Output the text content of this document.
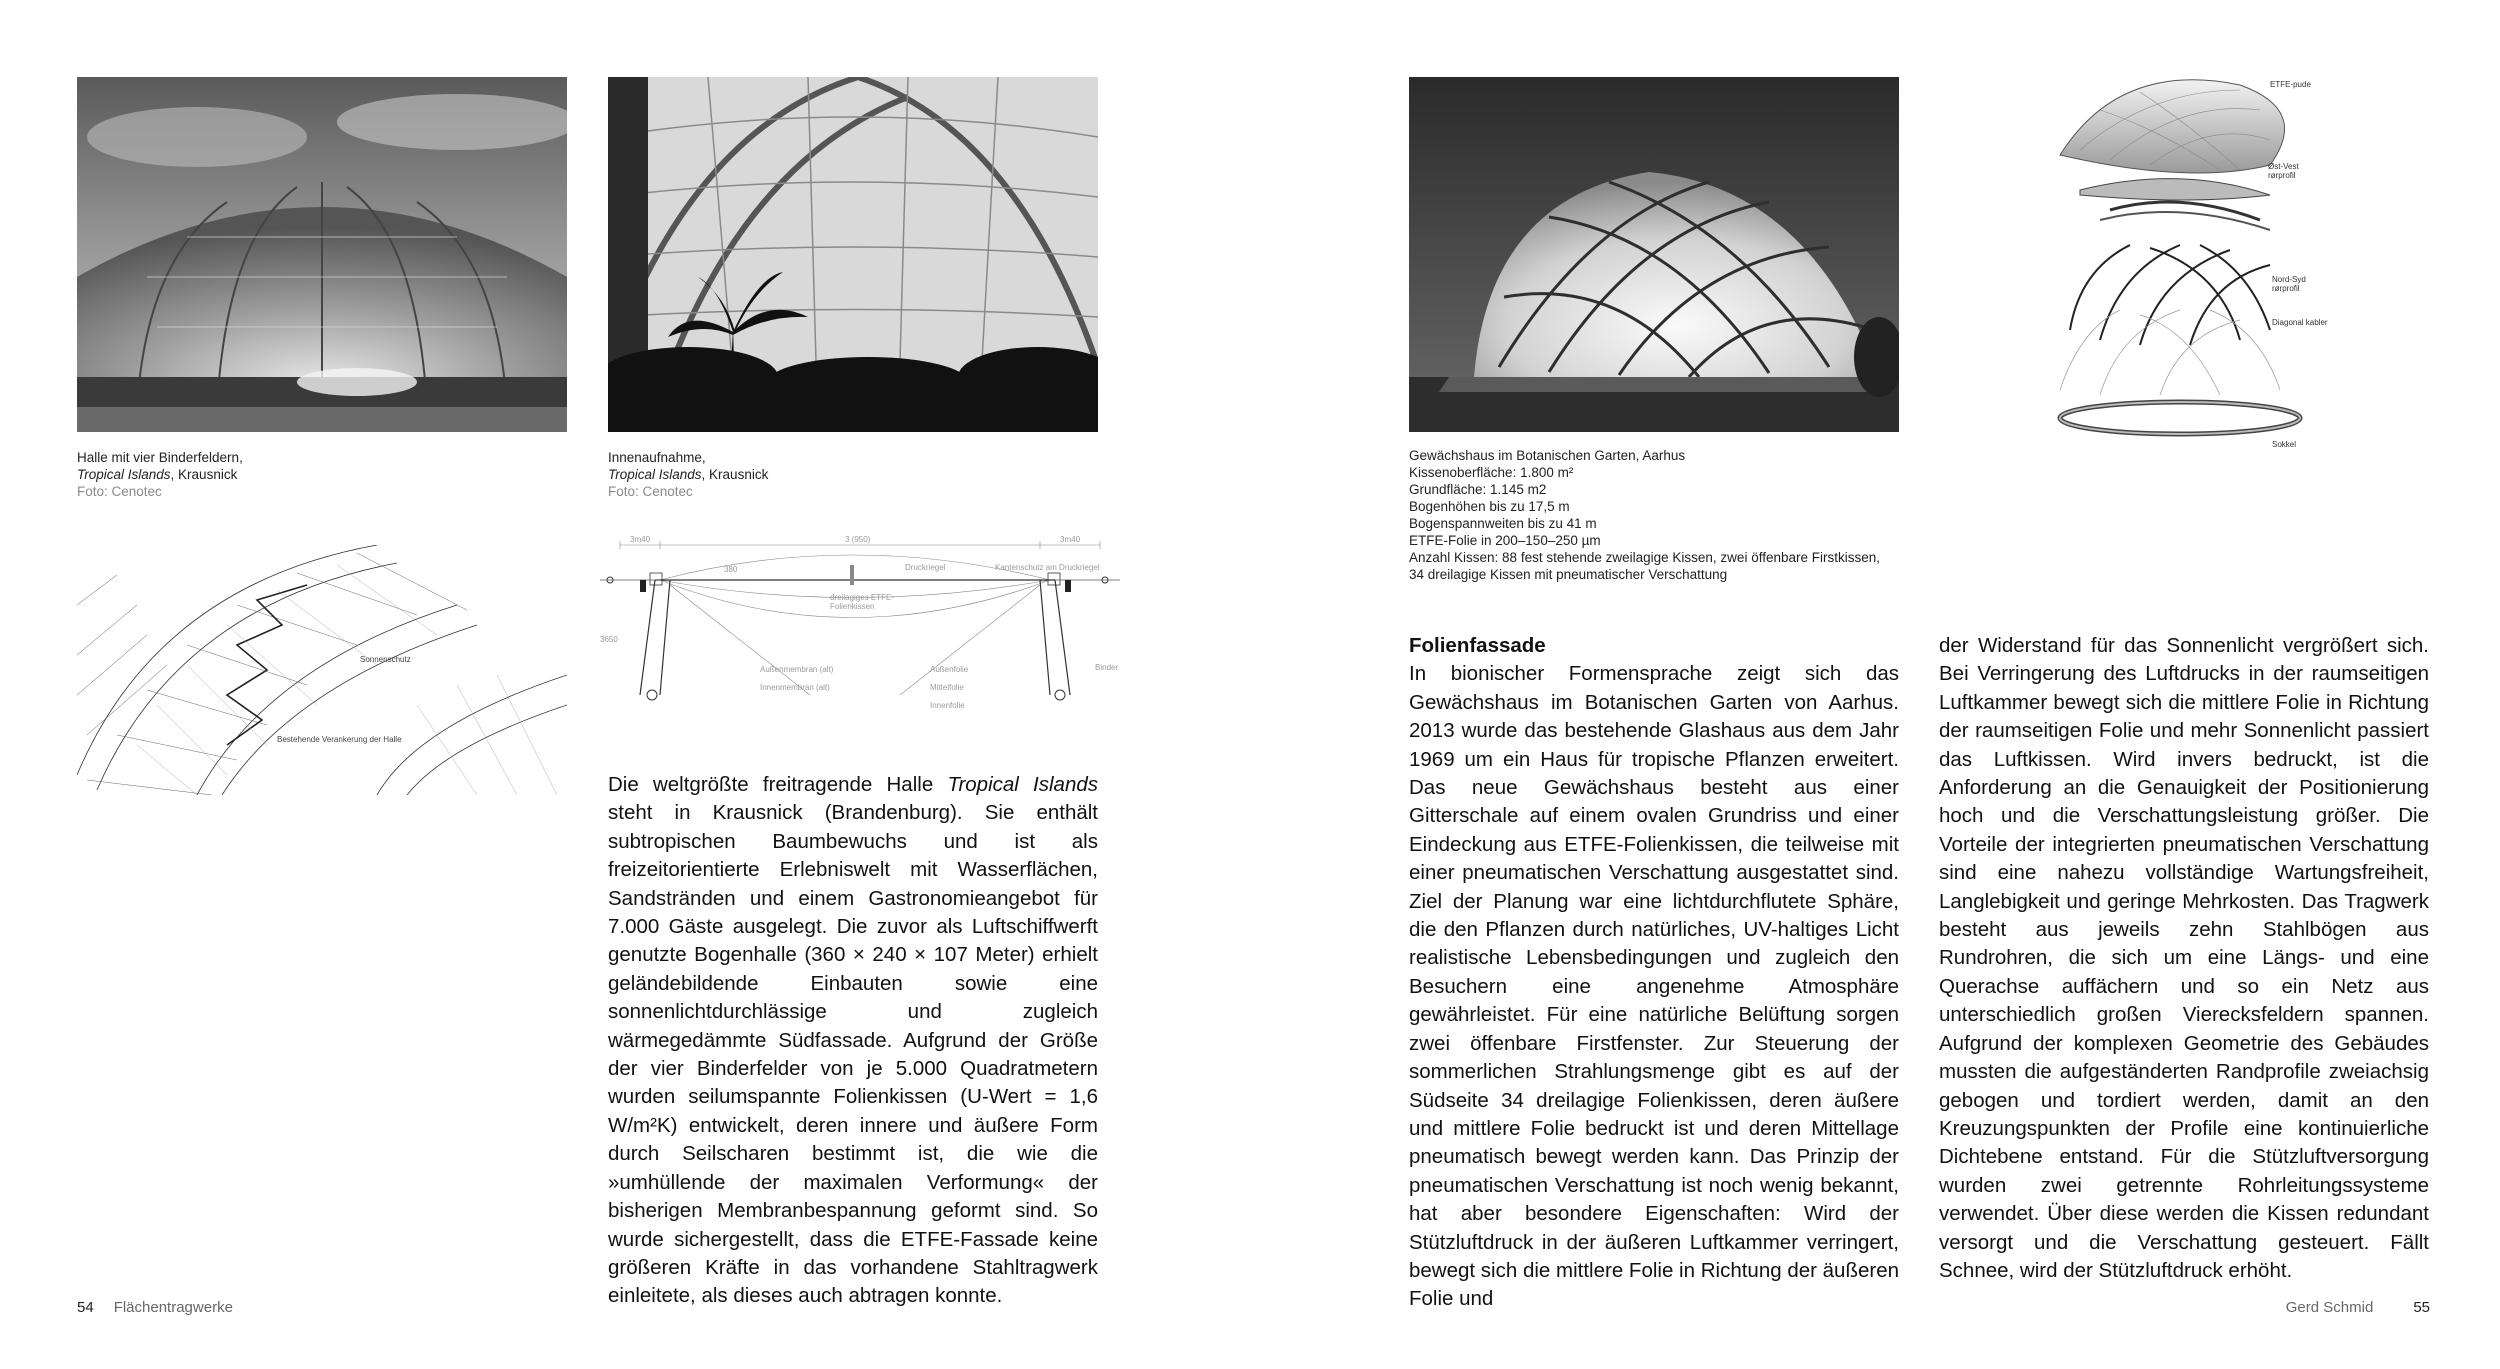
Halle mit vier Binderfeldern,
Tropical Islands, Krausnick
Foto: Cenotec
Innenaufnahme,
Tropical Islands, Krausnick
Foto: Cenotec
Sonnenschutz
Bestehende Verankerung der Halle
3m40	3 (950)	3m40
Druckriegel	Kantenschutz am Druckriegel
dreilagiges ETFE-Folienkissen
Außenmembran (alt)
Innenmembran (alt)
Außenfolie
Mittelfolie
Innenfolie
Binder
380
3650

Die weltgrößte freitragende Halle Tropical Islands steht in Krausnick (Brandenburg). Sie enthält subtropischen Baumbewuchs und ist als freizeitorientierte Erlebniswelt mit Wasserflächen, Sandstränden und einem Gastronomieangebot für 7.000 Gäste ausgelegt. Die zuvor als Luftschiffwerft genutzte Bogenhalle (360 × 240 × 107 Meter) erhielt geländebildende Einbauten sowie eine sonnenlichtdurchlässige und zugleich wärmegedämmte Südfassade. Aufgrund der Größe der vier Binderfelder von je 5.000 Quadratmetern wurden seilumspannte Folienkissen (U-Wert = 1,6 W/m²K) entwickelt, deren innere und äußere Form durch Seilscharen bestimmt ist, die wie die »umhüllende der maximalen Verformung« der bisherigen Membranbespannung geformt sind. So wurde sichergestellt, dass die ETFE-Fassade keine größeren Kräfte in das vorhandene Stahltragwerk einleitete, als dieses auch abtragen konnte.

54 Flächentragwerke
ETFE-pude
Øst-Vest rørprofil
Nord-Syd rørprofil
Diagonal kabler
Sokkel
Gewächshaus im Botanischen Garten, Aarhus
Kissenoberfläche: 1.800 m²
Grundfläche: 1.145 m2
Bogenhöhen bis zu 17,5 m
Bogenspannweiten bis zu 41 m
ETFE-Folie in 200–150–250 µm
Anzahl Kissen: 88 fest stehende zweilagige Kissen, zwei öffenbare Firstkissen,
34 dreilagige Kissen mit pneumatischer Verschattung

Folienfassade

In bionischer Formensprache zeigt sich das Gewächshaus im Botanischen Garten von Aarhus. 2013 wurde das bestehende Glashaus aus dem Jahr 1969 um ein Haus für tropische Pflanzen erweitert. Das neue Gewächshaus besteht aus einer Gitterschale auf einem ovalen Grundriss und einer Eindeckung aus ETFE-Folienkissen, die teilweise mit einer pneumatischen Verschattung ausgestattet sind. Ziel der Planung war eine lichtdurchflutete Sphäre, die den Pflanzen durch natürliches, UV-haltiges Licht realistische Lebensbedingungen und zugleich den Besuchern eine angenehme Atmosphäre gewährleistet. Für eine natürliche Belüftung sorgen zwei öffenbare Firstfenster. Zur Steuerung der sommerlichen Strahlungsmenge gibt es auf der Südseite 34 dreilagige Folienkissen, deren äußere und mittlere Folie bedruckt ist und deren Mittellage pneumatisch bewegt werden kann. Das Prinzip der pneumatischen Verschattung ist noch wenig bekannt, hat aber besondere Eigenschaften: Wird der Stützluftdruck in der äußeren Luftkammer verringert, bewegt sich die mittlere Folie in Richtung der äußeren Folie und

der Widerstand für das Sonnenlicht vergrößert sich. Bei Verringerung des Luftdrucks in der raumseitigen Luftkammer bewegt sich die mittlere Folie in Richtung der raumseitigen Folie und mehr Sonnenlicht passiert das Luftkissen. Wird invers bedruckt, ist die Anforderung an die Genauigkeit der Positionierung hoch und die Verschattungsleistung größer. Die Vorteile der integrierten pneumatischen Verschattung sind eine nahezu vollständige Wartungsfreiheit, Langlebigkeit und geringe Mehrkosten. Das Tragwerk besteht aus jeweils zehn Stahlbögen aus Rundrohren, die sich um eine Längs- und eine Querachse auffächern und so ein Netz aus unterschiedlich großen Vierecksfeldern spannen. Aufgrund der komplexen Geometrie des Gebäudes mussten die aufgeständerten Randprofile zweiachsig gebogen und tordiert werden, damit an den Kreuzungspunkten der Profile eine kontinuierliche Dichtebene entstand. Für die Stützluftversorgung wurden zwei getrennte Rohrleitungssysteme verwendet. Über diese werden die Kissen redundant versorgt und die Verschattung gesteuert. Fällt Schnee, wird der Stützluftdruck erhöht.

Gerd Schmid	55
